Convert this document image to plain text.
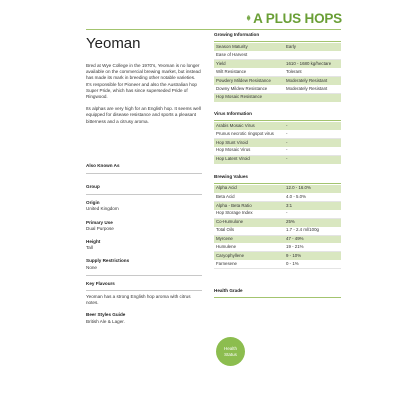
A PLUS HOPS
Yeoman

Bred at Wye College in the 1970's, Yeoman is no longer available on the commercial brewing market, but instead has made its mark in breeding other notable varieties. It's responsible for Pioneer and also the Australian hop Super Pride, which has since superseded Pride of Ringwood.

Its alphas are very high for an English hop. It seems well equipped for disease resistance and sports a pleasant bitterness and a citrusy aroma.

Also Known As
Group
Origin
United Kingdom
Primary Use
Dual Purpose
Height
Tall
Supply Restrictions
None
Key Flavours
Yeoman has a strong English hop aroma with citrus notes.
Beer Styles Guide
British Ale & Lager.
Growing Information
Season Maturity	Early
Ease of Harvest	
Yield	1610 - 1680 kg/hectare
Wilt Resistance	Tolerant
Powdery Mildew Resistance	Moderately Resistant
Downy Mildew Resistance	Moderately Resistant
Hop Mosaic Resistance	
Virus Information
Arabis Mosaic Virus	-
Prunus necrotic ringspot virus	-
Hop Stunt Viroid	-
Hop Mosaic Virus	-
Hop Latent Viroid	-
Brewing Values
Alpha Acid	12.0 - 16.0%
Beta Acid	4.0 - 5.0%
Alpha - Beta Ratio	3:1
Hop Storage Index	-
Co-Humulone	25%
Total Oils	1.7 - 2.4 ml/100g
Myrcene	47 - 49%
Humulene	19 - 21%
Caryophyllene	9 - 10%
Farnesene	0 - 1%
Health Grade
Health
Status
